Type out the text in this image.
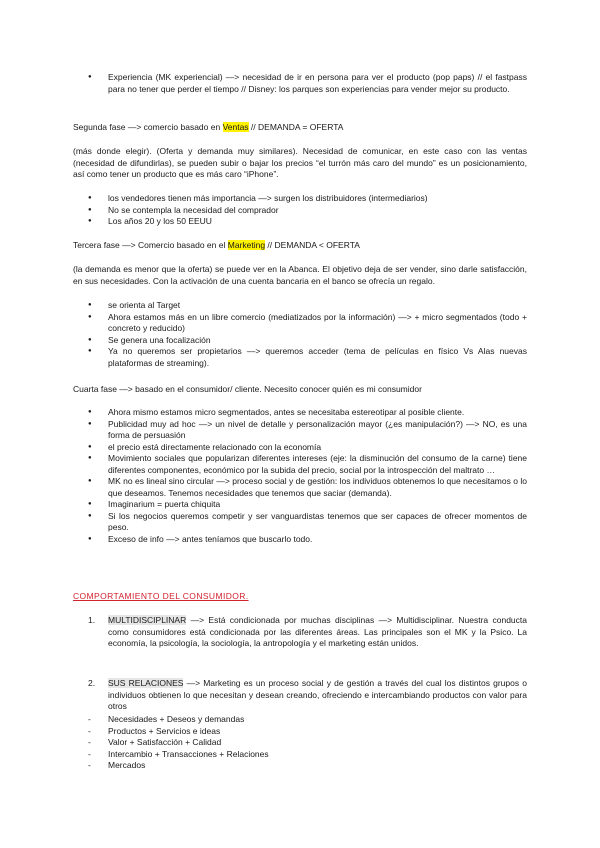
● Experiencia (MK experiencial) —> necesidad de ir en persona para ver el producto (pop paps) // el fastpass para no tener que perder el tiempo // Disney: los parques son experiencias para vender mejor su producto.
Segunda fase —> comercio basado en Ventas // DEMANDA = OFERTA
(más donde elegir). (Oferta y demanda muy similares). Necesidad de comunicar, en este caso con las ventas (necesidad de difundirlas), se pueden subir o bajar los precios “el turrón más caro del mundo” es un posicionamiento, así como tener un producto que es más caro “iPhone”.
● los vendedores tienen más importancia —> surgen los distribuidores (intermediarios)
● No se contempla la necesidad del comprador
● Los años 20 y los 50 EEUU
Tercera fase —> Comercio basado en el Marketing // DEMANDA < OFERTA
(la demanda es menor que la oferta) se puede ver en la Abanca. El objetivo deja de ser vender, sino darle satisfacción, en sus necesidades. Con la activación de una cuenta bancaria en el banco se ofrecía un regalo.
● se orienta al Target
● Ahora estamos más en un libre comercio (mediatizados por la información) —> + micro segmentados (todo + concreto y reducido)
● Se genera una focalización
● Ya no queremos ser propietarios —> queremos acceder (tema de películas en físico Vs Alas nuevas plataformas de streaming).
Cuarta fase —> basado en el consumidor/ cliente. Necesito conocer quién es mi consumidor
● Ahora mismo estamos micro segmentados, antes se necesitaba estereotipar al posible cliente.
● Publicidad muy ad hoc —> un nivel de detalle y personalización mayor (¿es manipulación?) —> NO, es una forma de persuasión
● el precio está directamente relacionado con la economía
● Movimiento sociales que popularizan diferentes intereses (eje: la disminución del consumo de la carne) tiene diferentes componentes, económico por la subida del precio, social por la introspección del maltrato …
● MK no es lineal sino circular —> proceso social y de gestión: los individuos obtenemos lo que necesitamos o lo que deseamos. Tenemos necesidades que tenemos que saciar (demanda).
● Imaginarium = puerta chiquita
● Si los negocios queremos competir y ser vanguardistas tenemos que ser capaces de ofrecer momentos de peso.
● Exceso de info —> antes teníamos que buscarlo todo.
COMPORTAMIENTO DEL CONSUMIDOR.
1. MULTIDISCIPLINAR —> Está condicionada por muchas disciplinas —> Multidisciplinar. Nuestra conducta como consumidores está condicionada por las diferentes áreas. Las principales son el MK y la Psico. La economía, la psicología, la sociología, la antropología y el marketing están unidos.
2. SUS RELACIONES —> Marketing es un proceso social y de gestión a través del cual los distintos grupos o individuos obtienen lo que necesitan y desean creando, ofreciendo e intercambiando productos con valor para otros
- Necesidades + Deseos y demandas
- Productos + Servicios e ideas
- Valor + Satisfacción + Calidad
- Intercambio + Transacciones + Relaciones
- Mercados
